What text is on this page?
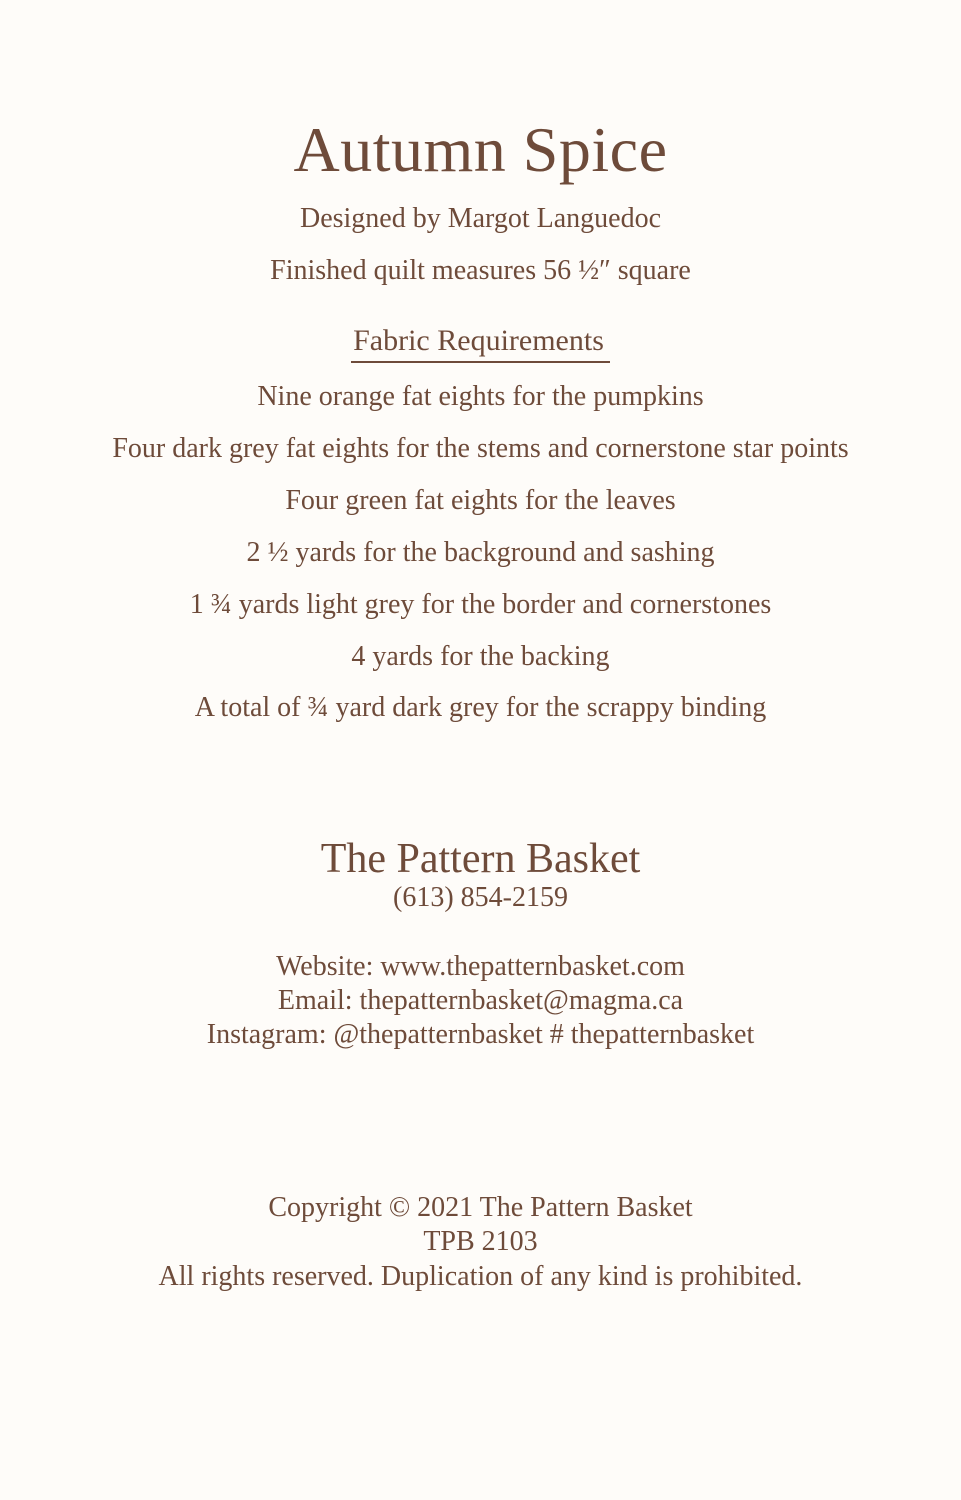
Autumn Spice
Designed by Margot Languedoc
Finished quilt measures 56 ½″ square
Fabric Requirements
Nine orange fat eights for the pumpkins
Four dark grey fat eights for the stems and cornerstone star points
Four green fat eights for the leaves
2 ½ yards for the background and sashing
1 ¾ yards light grey for the border and cornerstones
4 yards for the backing
A total of ¾ yard dark grey for the scrappy binding
The Pattern Basket
(613) 854-2159
Website: www.thepatternbasket.com
Email: thepatternbasket@magma.ca
Instagram: @thepatternbasket # thepatternbasket
Copyright © 2021 The Pattern Basket
TPB 2103
All rights reserved. Duplication of any kind is prohibited.
